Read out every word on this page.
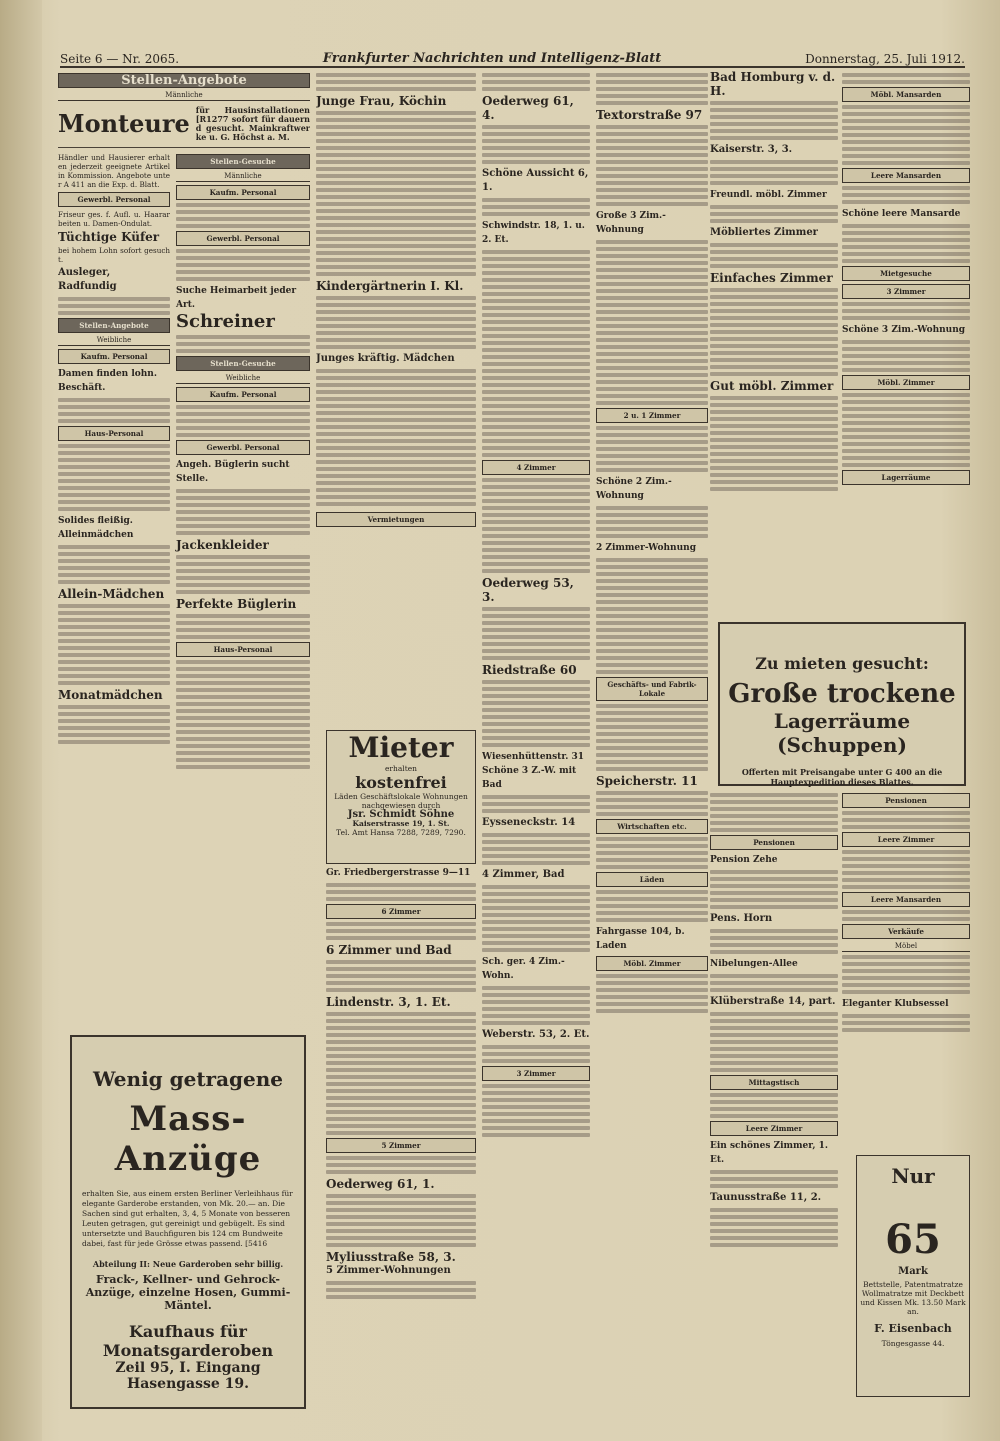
Seite 6 — Nr. 2065.	Frankfurter Nachrichten und Intelligenz-Blatt	Donnerstag, 25. Juli 1912.
Stellen-Angebote
Männliche
Monteure für Hausinstallationen [R1277 sofort für dauernd gesucht. Mainkraftwerke u. G. Höchst a. M.
Händler und Hausierer erhalten jederzeit geeignete Artikel in Kommission. Angebote unter A 411 an die Exp. d. Blatt.
Gewerbl. Personal
Friseur ges. f. Aufl. u. Haararbeiten u. Damen-Ondulat.
Tüchtige Küfer
bei hohem Lohn sofort gesucht.
Ausleger, Radfundig
Stellen-Angebote
Weibliche
Kaufm. Personal
Damen finden lohn. Beschäft.
Haus-Personal
Solides fleißig. Alleinmädchen
Allein-Mädchen
Monatmädchen
Stellen-Gesuche
Männliche
Kaufm. Personal
Gewerbl. Personal
Suche Heimarbeit jeder Art.
Schreiner
Stellen-Gesuche
Weibliche
Kaufm. Personal
Gewerbl. Personal
Angeh. Büglerin sucht Stelle.
Jackenkleider
Perfekte Büglerin
Haus-Personal
Wenig getragene
Mass-Anzüge
erhalten Sie, aus einem ersten Berliner Verleihhaus für elegante Garderobe erstanden, von Mk. 20.— an. Die Sachen sind gut erhalten, 3, 4, 5 Monate von besseren Leuten getragen, gut gereinigt und gebügelt. Es sind untersetzte und Bauchfiguren bis 124 cm Bundweite dabei, fast für jede Grösse etwas passend. [5416
Abteilung II: Neue Garderoben sehr billig.
Frack-, Kellner- und Gehrock-Anzüge, einzelne Hosen, Gummi-Mäntel.
Kaufhaus für Monatsgarderoben
Zeil 95, I. Eingang Hasengasse 19.
Junge Frau, Köchin
Kindergärtnerin I. Kl.
Junges kräftig. Mädchen
Vermietungen
Mieter
erhalten
kostenfrei
Läden Geschäftslokale Wohnungen nachgewiesen durch
Jsr. Schmidt Söhne
Kaiserstrasse 19, 1. St.
Tel. Amt Hansa 7288, 7289, 7290.
Gr. Friedbergerstrasse 9—11
6 Zimmer
6 Zimmer und Bad
Lindenstr. 3, 1. Et.
5 Zimmer
Oederweg 61, 1.
Myliusstraße 58, 3.
5 Zimmer-Wohnungen
Oederweg 61, 4.
Schöne Aussicht 6, 1.
Schwindstr. 18, 1. u. 2. Et.
4 Zimmer
Oederweg 53, 3.
Riedstraße 60
Wiesenhüttenstr. 31
Schöne 3 Z.-W. mit Bad
Eysseneckstr. 14
4 Zimmer, Bad
Sch. ger. 4 Zim.-Wohn.
Weberstr. 53, 2. Et.
3 Zimmer
Textorstraße 97
Große 3 Zim.-Wohnung
2 u. 1 Zimmer
Schöne 2 Zim.-Wohnung
2 Zimmer-Wohnung
Geschäfts- und Fabrik-Lokale
Speicherstr. 11
Wirtschaften etc.
Läden
Fahrgasse 104, b. Laden
Möbl. Zimmer
Bad Homburg v. d. H.
Kaiserstr. 3, 3.
Freundl. möbl. Zimmer
Möbliertes Zimmer
Einfaches Zimmer
Gut möbl. Zimmer
Möbl. Mansarden
Leere Mansarden
Schöne leere Mansarde
Mietgesuche
3 Zimmer
Schöne 3 Zim.-Wohnung
Möbl. Zimmer
Lagerräume
Zu mieten gesucht:
Große trockene
Lagerräume (Schuppen)
Offerten mit Preisangabe unter G 400 an die Hauptexpedition dieses Blattes.
Pensionen
Pension Zehe
Pens. Horn
Nibelungen-Allee
Klüberstraße 14, part.
Mittagstisch
Leere Zimmer
Ein schönes Zimmer, 1. Et.
Taunusstraße 11, 2.
Pensionen
Leere Zimmer
Leere Mansarden
Verkäufe
Möbel
Eleganter Klubsessel
Nur
65
Mark
Bettstelle, Patentmatratze Wollmatratze mit Deckbett und Kissen Mk. 13.50 Mark an.
F. Eisenbach
Töngesgasse 44.
